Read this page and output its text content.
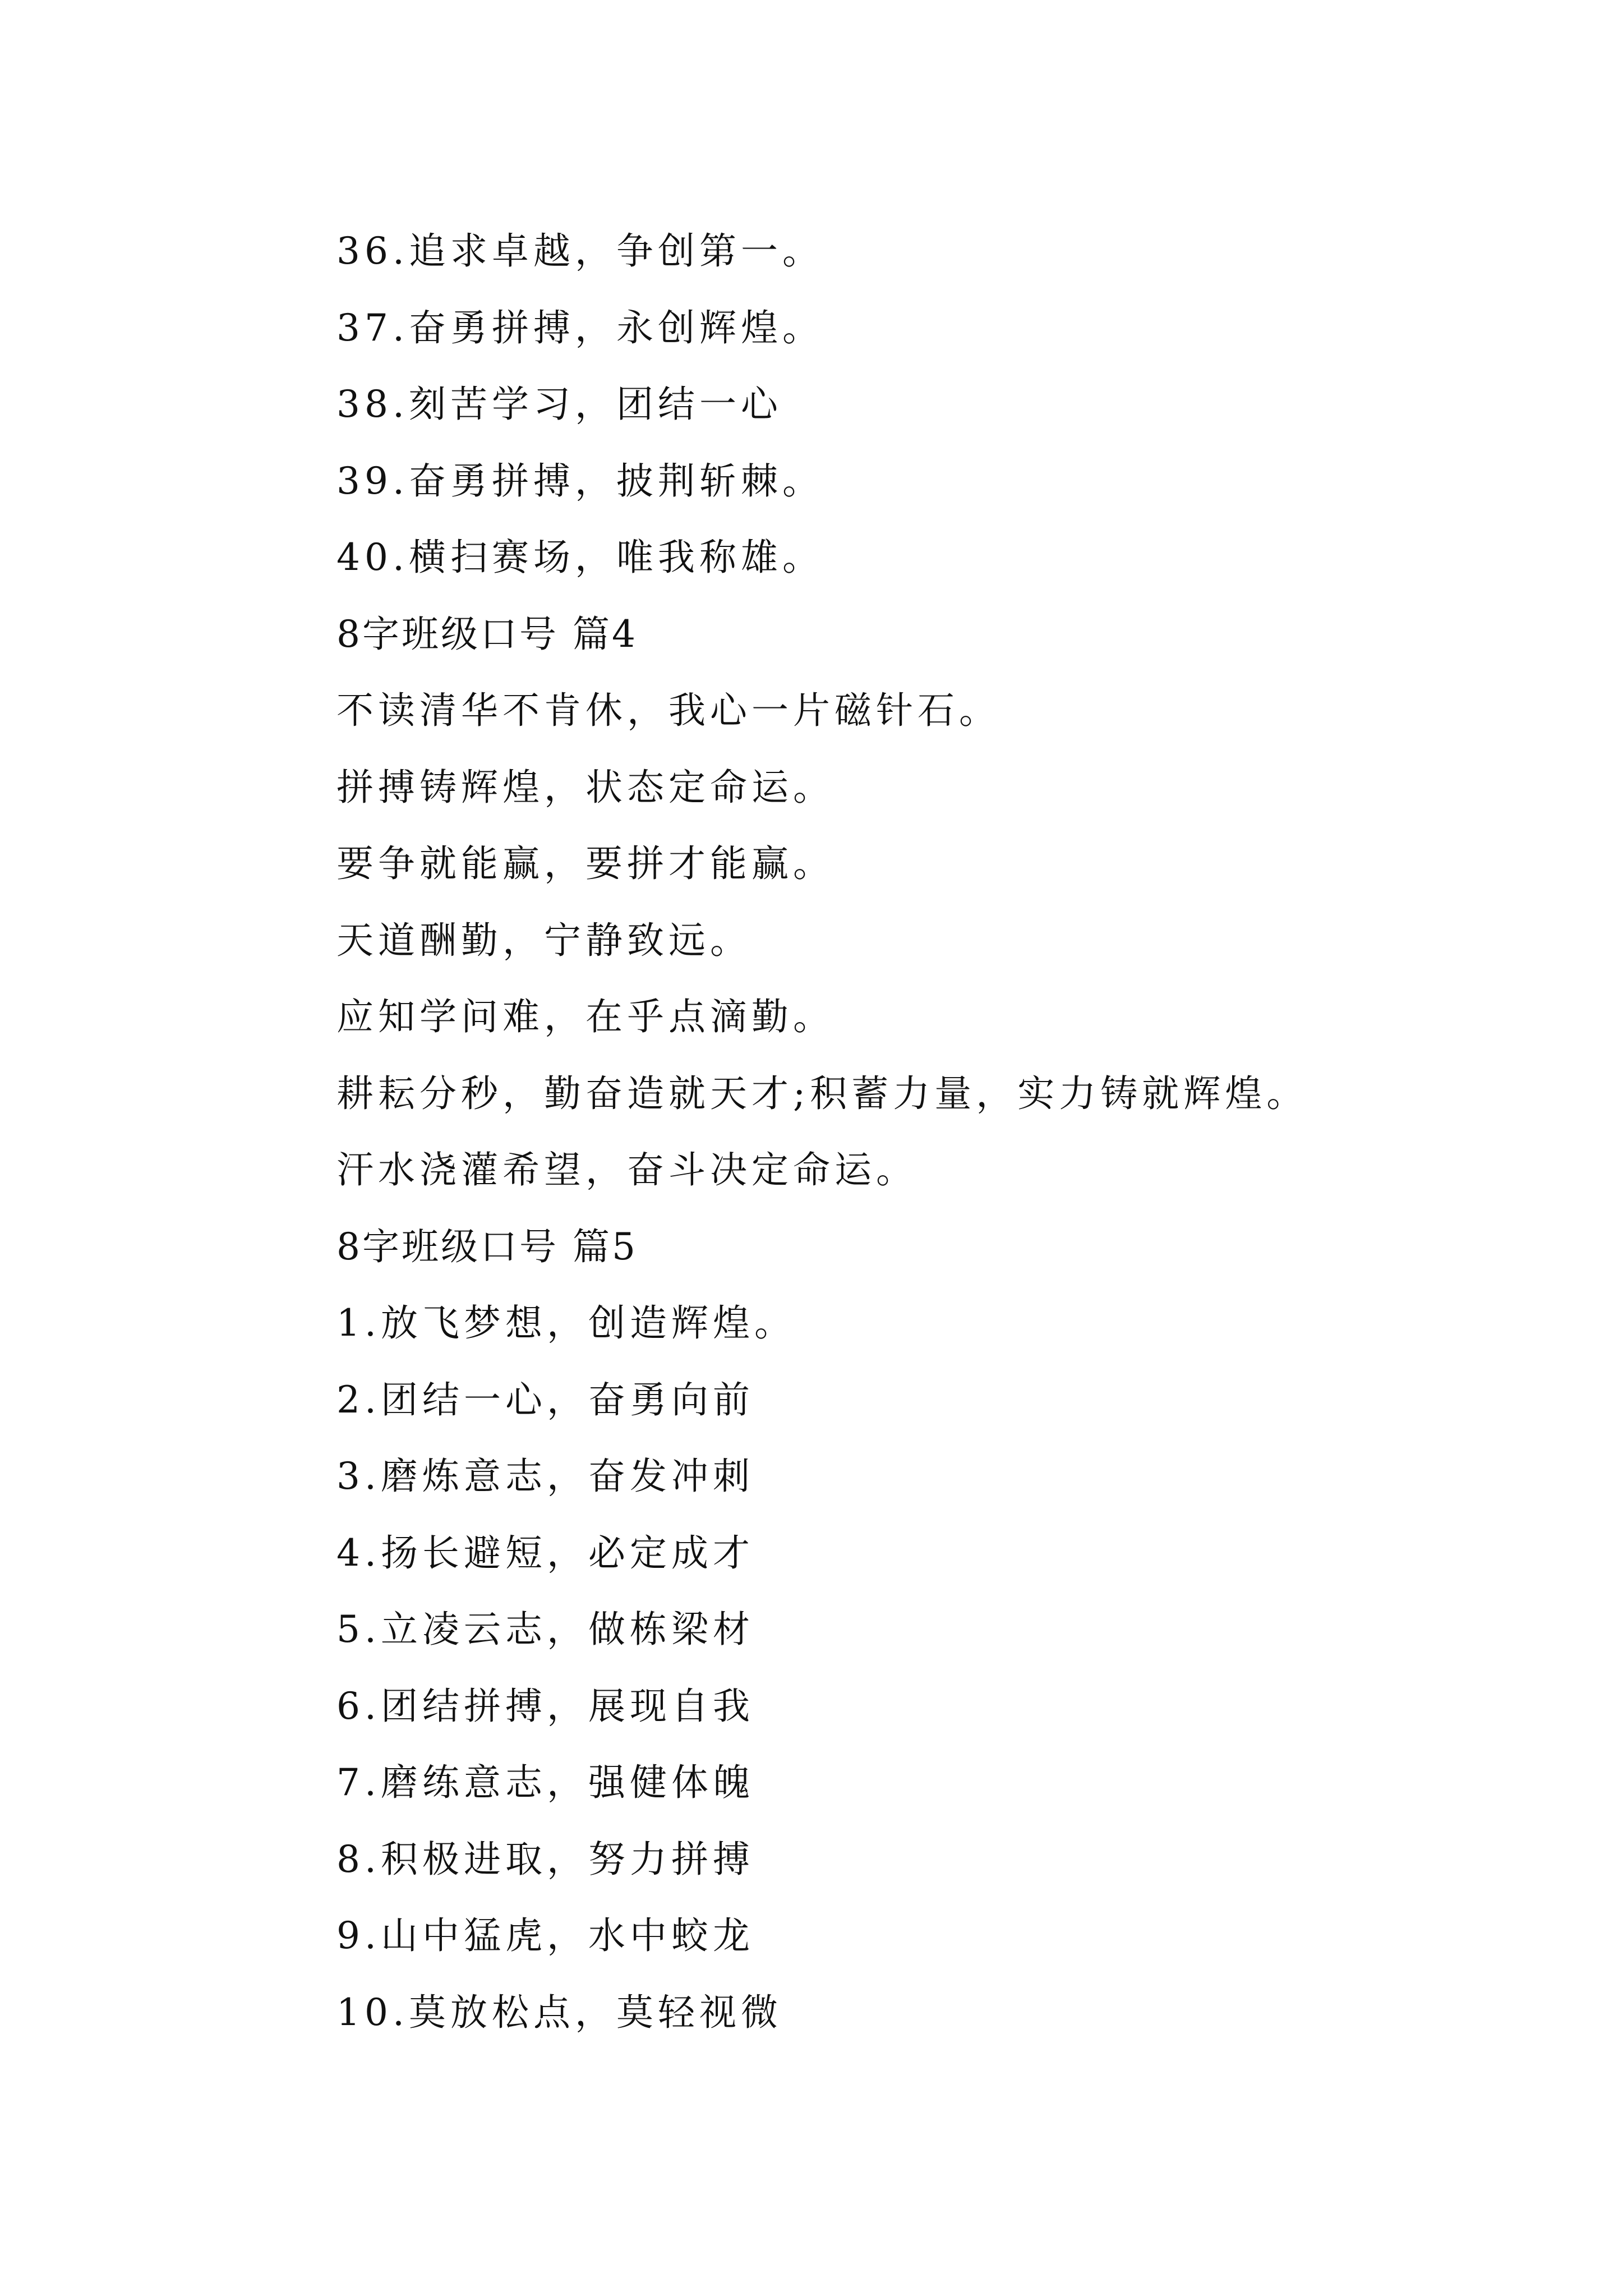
36.追求卓越，争创第一。
37.奋勇拼搏，永创辉煌。
38.刻苦学习，团结一心
39.奋勇拼搏，披荆斩棘。
40.横扫赛场，唯我称雄。
8字班级口号 篇4
不读清华不肯休，我心一片磁针石。
拼搏铸辉煌，状态定命运。
要争就能赢，要拼才能赢。
天道酬勤，宁静致远。
应知学问难，在乎点滴勤。
耕耘分秒，勤奋造就天才;积蓄力量，实力铸就辉煌。
汗水浇灌希望，奋斗决定命运。
8字班级口号 篇5
1.放飞梦想，创造辉煌。
2.团结一心，奋勇向前
3.磨炼意志，奋发冲刺
4.扬长避短，必定成才
5.立凌云志，做栋梁材
6.团结拼搏，展现自我
7.磨练意志，强健体魄
8.积极进取，努力拼搏
9.山中猛虎，水中蛟龙
10.莫放松点，莫轻视微
